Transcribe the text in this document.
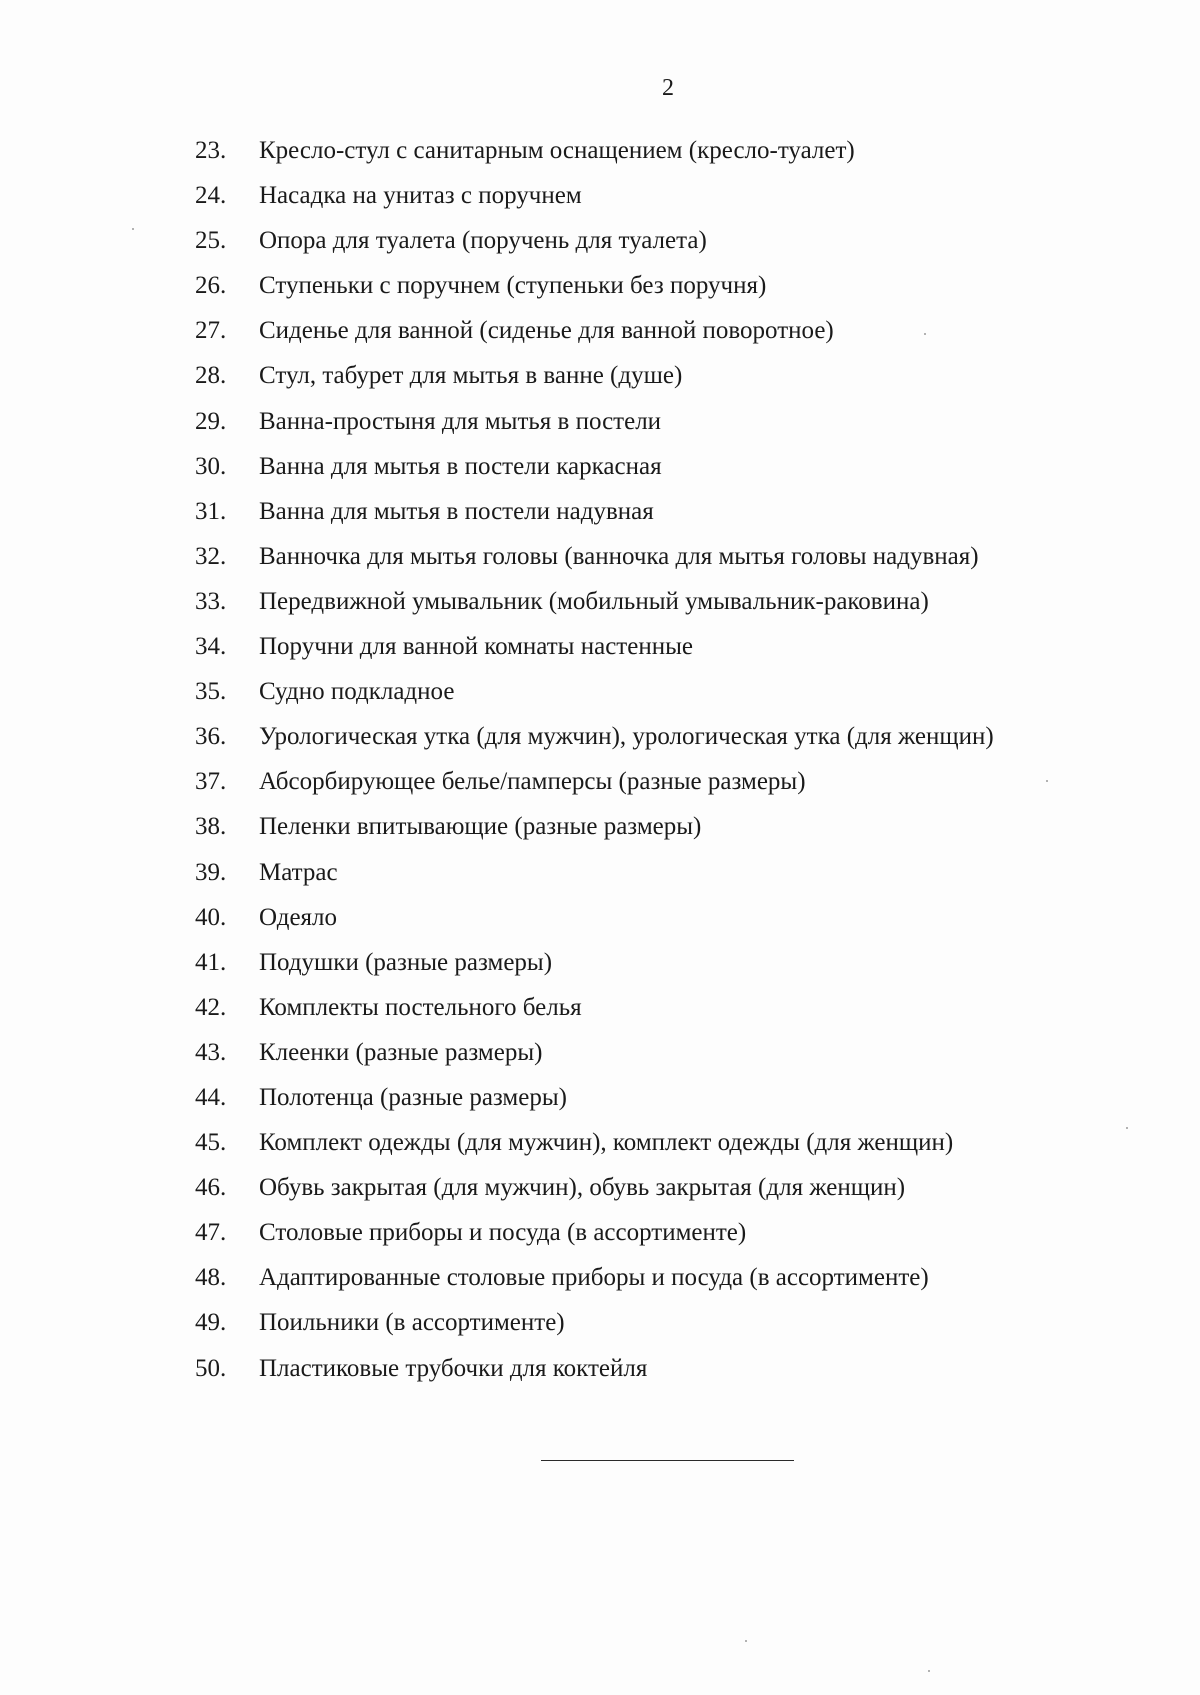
2
23.	Кресло-стул с санитарным оснащением (кресло-туалет)
24.	Насадка на унитаз с поручнем
25.	Опора для туалета (поручень для туалета)
26.	Ступеньки с поручнем (ступеньки без поручня)
27.	Сиденье для ванной (сиденье для ванной поворотное)
28.	Стул, табурет для мытья в ванне (душе)
29.	Ванна-простыня для мытья в постели
30.	Ванна для мытья в постели каркасная
31.	Ванна для мытья в постели надувная
32.	Ванночка для мытья головы (ванночка для мытья головы надувная)
33.	Передвижной умывальник (мобильный умывальник-раковина)
34.	Поручни для ванной комнаты настенные
35.	Судно подкладное
36.	Урологическая утка (для мужчин), урологическая утка (для женщин)
37.	Абсорбирующее белье/памперсы (разные размеры)
38.	Пеленки впитывающие (разные размеры)
39.	Матрас
40.	Одеяло
41.	Подушки (разные размеры)
42.	Комплекты постельного белья
43.	Клеенки (разные размеры)
44.	Полотенца (разные размеры)
45.	Комплект одежды (для мужчин), комплект одежды (для женщин)
46.	Обувь закрытая (для мужчин), обувь закрытая (для женщин)
47.	Столовые приборы и посуда (в ассортименте)
48.	Адаптированные столовые приборы и посуда (в ассортименте)
49.	Поильники (в ассортименте)
50.	Пластиковые трубочки для коктейля
